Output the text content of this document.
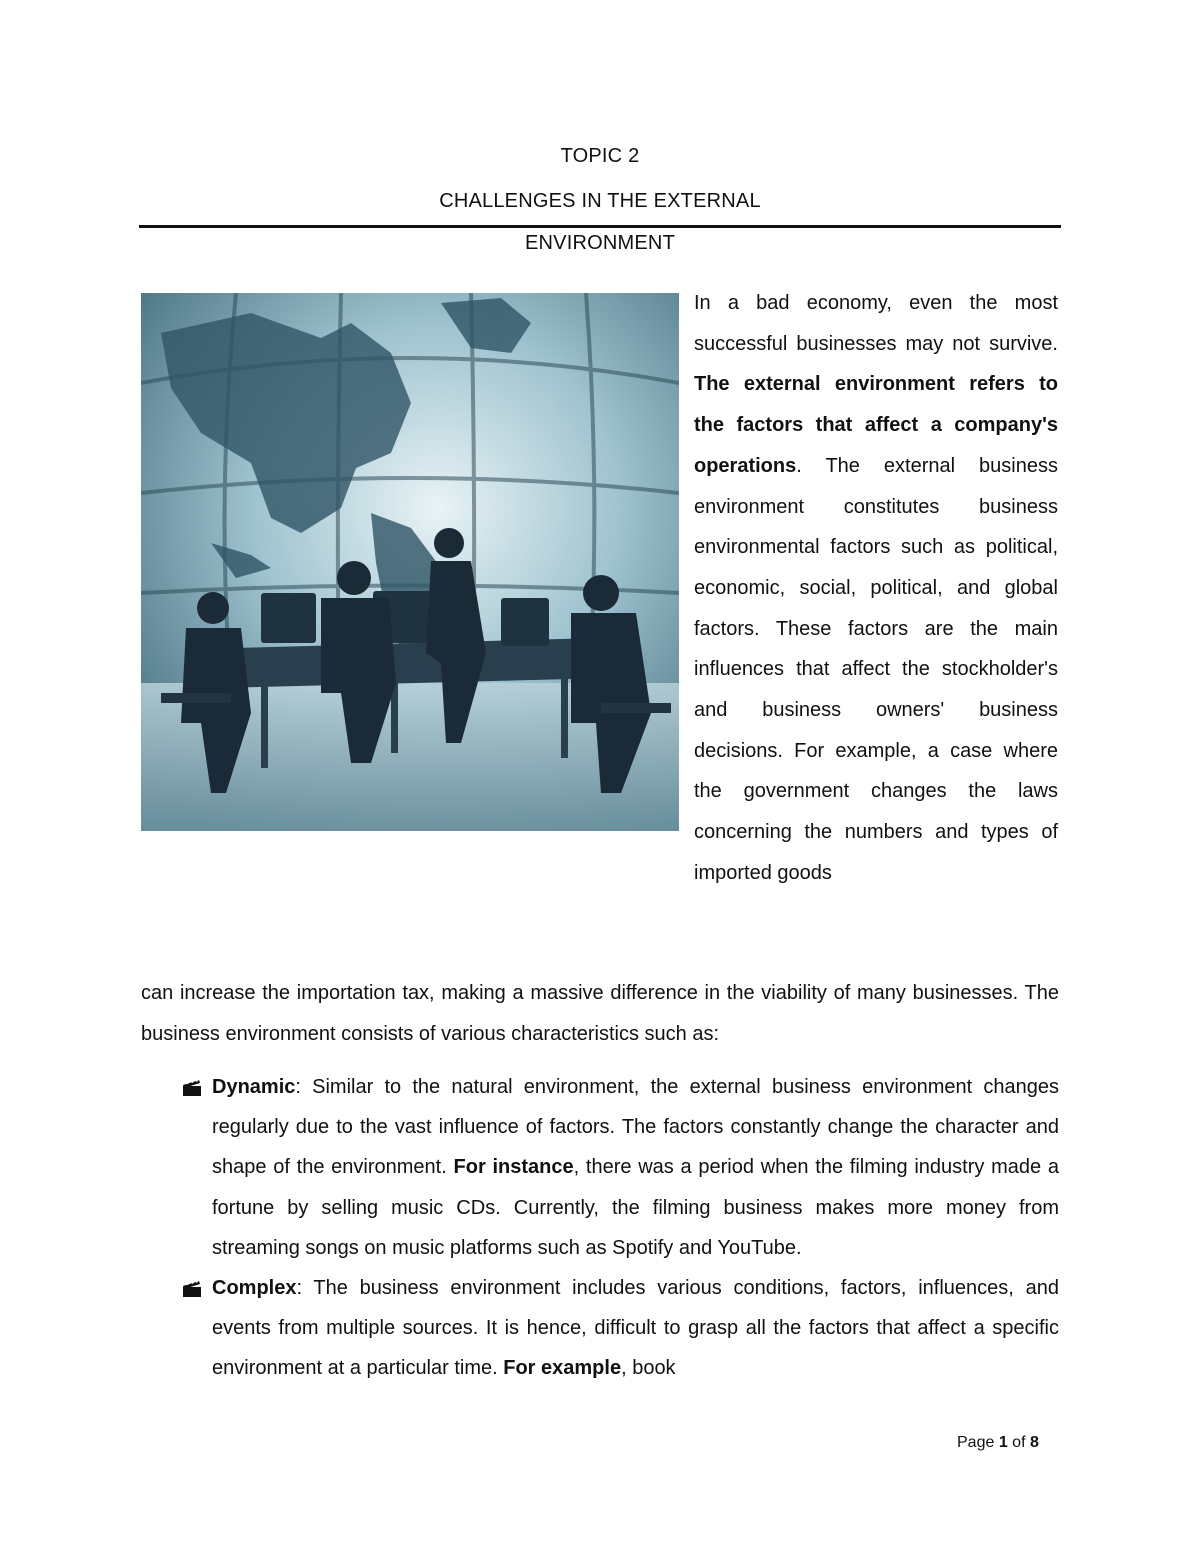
TOPIC 2
CHALLENGES IN THE EXTERNAL
ENVIRONMENT
In a bad economy, even the most successful businesses may not survive. The external environment refers to the factors that affect a company's operations. The external business environment constitutes business environmental factors such as political, economic, social, political, and global factors. These factors are the main influences that affect the stockholder's and business owners' business decisions. For example, a case where the government changes the laws concerning the numbers and types of imported goods
can increase the importation tax, making a massive difference in the viability of many businesses. The business environment consists of various characteristics such as:
Dynamic: Similar to the natural environment, the external business environment changes regularly due to the vast influence of factors. The factors constantly change the character and shape of the environment. For instance, there was a period when the filming industry made a fortune by selling music CDs. Currently, the filming business makes more money from streaming songs on music platforms such as Spotify and YouTube.
Complex: The business environment includes various conditions, factors, influences, and events from multiple sources. It is hence, difficult to grasp all the factors that affect a specific environment at a particular time. For example, book
Page 1 of 8
